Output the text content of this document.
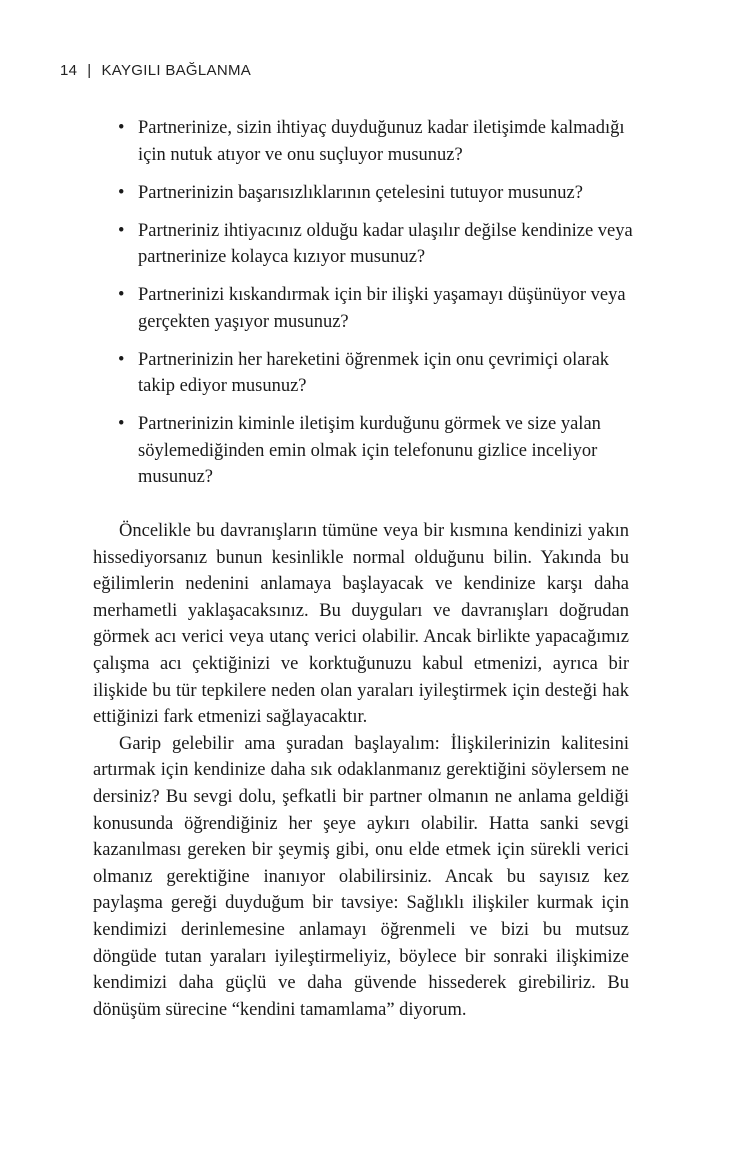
14 | KAYGILI BAĞLANMA
• Partnerinize, sizin ihtiyaç duyduğunuz kadar iletişimde kalmadığı için nutuk atıyor ve onu suçluyor musunuz?
• Partnerinizin başarısızlıklarının çetelesini tutuyor musunuz?
• Partneriniz ihtiyacınız olduğu kadar ulaşılır değilse kendinize veya partnerinize kolayca kızıyor musunuz?
• Partnerinizi kıskandırmak için bir ilişki yaşamayı düşünüyor veya gerçekten yaşıyor musunuz?
• Partnerinizin her hareketini öğrenmek için onu çevrimiçi olarak takip ediyor musunuz?
• Partnerinizin kiminle iletişim kurduğunu görmek ve size yalan söylemediğinden emin olmak için telefonunu gizlice inceliyor musunuz?

Öncelikle bu davranışların tümüne veya bir kısmına kendinizi yakın hissediyorsanız bunun kesinlikle normal olduğunu bilin. Yakında bu eğilimlerin nedenini anlamaya başlayacak ve kendinize karşı daha merhametli yaklaşacaksınız. Bu duyguları ve davranışları doğrudan görmek acı verici veya utanç verici olabilir. Ancak birlikte yapacağımız çalışma acı çektiğinizi ve korktuğunuzu kabul etmenizi, ayrıca bir ilişkide bu tür tepkilere neden olan yaraları iyileştirmek için desteği hak ettiğinizi fark etmenizi sağlayacaktır.

Garip gelebilir ama şuradan başlayalım: İlişkilerinizin kalitesini artırmak için kendinize daha sık odaklanmanız gerektiğini söylersem ne dersiniz? Bu sevgi dolu, şefkatli bir partner olmanın ne anlama geldiği konusunda öğrendiğiniz her şeye aykırı olabilir. Hatta sanki sevgi kazanılması gereken bir şeymiş gibi, onu elde etmek için sürekli verici olmanız gerektiğine inanıyor olabilirsiniz. Ancak bu sayısız kez paylaşma gereği duyduğum bir tavsiye: Sağlıklı ilişkiler kurmak için kendimizi derinlemesine anlamayı öğrenmeli ve bizi bu mutsuz döngüde tutan yaraları iyileştirmeliyiz, böylece bir sonraki ilişkimize kendimizi daha güçlü ve daha güvende hissederek girebiliriz. Bu dönüşüm sürecine “kendini tamamlama” diyorum.
